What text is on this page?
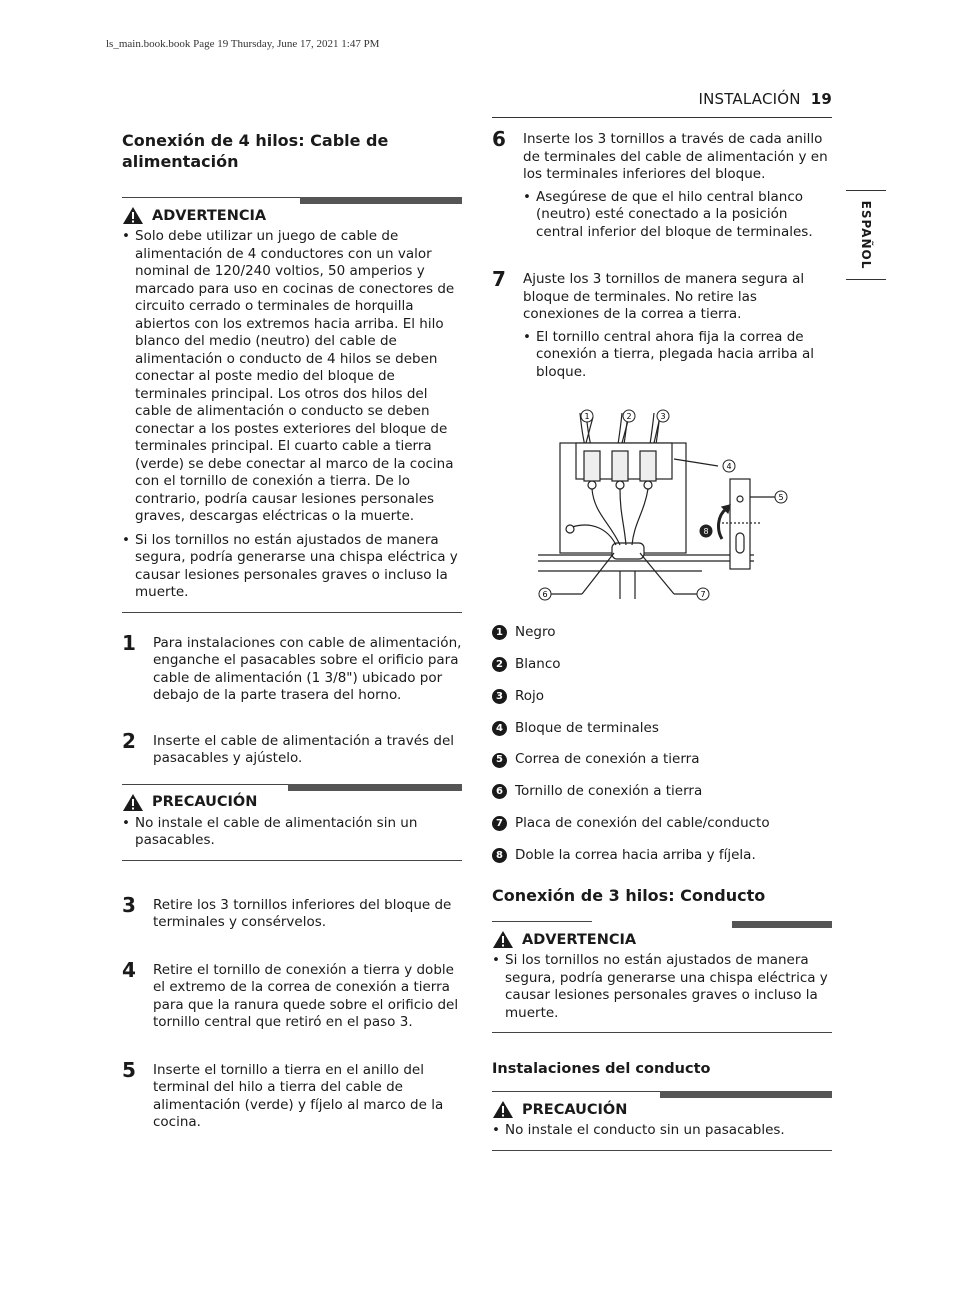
ls_main.book.book Page 19 Thursday, June 17, 2021 1:47 PM
INSTALACIÓN 19
ESPAÑOL
Conexión de 4 hilos: Cable de alimentación
ADVERTENCIA
• Solo debe utilizar un juego de cable de alimentación de 4 conductores con un valor nominal de 120/240 voltios, 50 amperios y marcado para uso en cocinas de conectores de circuito cerrado o terminales de horquilla abiertos con los extremos hacia arriba. El hilo blanco del medio (neutro) del cable de alimentación o conducto de 4 hilos se deben conectar al poste medio del bloque de terminales principal. Los otros dos hilos del cable de alimentación o conducto se deben conectar a los postes exteriores del bloque de terminales principal. El cuarto cable a tierra (verde) se debe conectar al marco de la cocina con el tornillo de conexión a tierra. De lo contrario, podría causar lesiones personales graves, descargas eléctricas o la muerte.
• Si los tornillos no están ajustados de manera segura, podría generarse una chispa eléctrica y causar lesiones personales graves o incluso la muerte.
1 Para instalaciones con cable de alimentación, enganche el pasacables sobre el orificio para cable de alimentación (1 3/8") ubicado por debajo de la parte trasera del horno.

2 Inserte el cable de alimentación a través del pasacables y ajústelo.

PRECAUCIÓN
• No instale el cable de alimentación sin un pasacables.
3 Retire los 3 tornillos inferiores del bloque de terminales y consérvelos.

4 Retire el tornillo de conexión a tierra y doble el extremo de la correa de conexión a tierra para que la ranura quede sobre el orificio del tornillo central que retiró en el paso 3.

5 Inserte el tornillo a tierra en el anillo del terminal del hilo a tierra del cable de alimentación (verde) y fíjelo al marco de la cocina.

6 Inserte los 3 tornillos a través de cada anillo de terminales del cable de alimentación y en los terminales inferiores del bloque.

• Asegúrese de que el hilo central blanco (neutro) esté conectado a la posición central inferior del bloque de terminales.
7 Ajuste los 3 tornillos de manera segura al bloque de terminales. No retire las conexiones de la correa a tierra.

• El tornillo central ahora fija la correa de conexión a tierra, plegada hacia arriba al bloque.
1	2	3
4
5
6	7
8
1 Negro
2 Blanco
3 Rojo
4 Bloque de terminales
5 Correa de conexión a tierra
6 Tornillo de conexión a tierra
7 Placa de conexión del cable/conducto
8 Doble la correa hacia arriba y fíjela.
Conexión de 3 hilos: Conducto
ADVERTENCIA
• Si los tornillos no están ajustados de manera segura, podría generarse una chispa eléctrica y causar lesiones personales graves o incluso la muerte.
Instalaciones del conducto
PRECAUCIÓN
• No instale el conducto sin un pasacables.
